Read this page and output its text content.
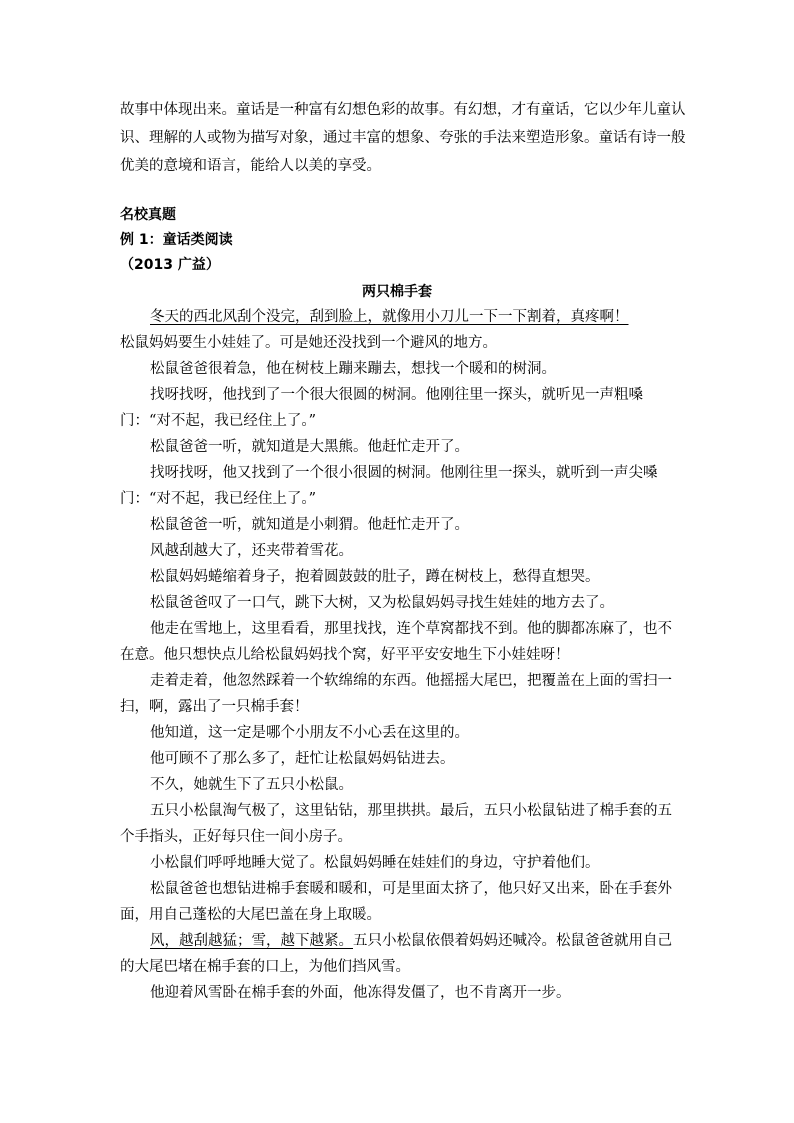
故事中体现出来。童话是一种富有幻想色彩的故事。有幻想，才有童话，它以少年儿童认识、理解的人或物为描写对象，通过丰富的想象、夸张的手法来塑造形象。童话有诗一般优美的意境和语言，能给人以美的享受。

名校真题

例 1：童话类阅读

（2013 广益）

两只棉手套

冬天的西北风刮个没完，刮到脸上，就像用小刀儿一下一下割着，真疼啊！

松鼠妈妈要生小娃娃了。可是她还没找到一个避风的地方。

松鼠爸爸很着急，他在树枝上蹦来蹦去，想找一个暖和的树洞。

找呀找呀，他找到了一个很大很圆的树洞。他刚往里一探头，就听见一声粗嗓门：“对不起，我已经住上了。”

松鼠爸爸一听，就知道是大黑熊。他赶忙走开了。

找呀找呀，他又找到了一个很小很圆的树洞。他刚往里一探头，就听到一声尖嗓门：“对不起，我已经住上了。”

松鼠爸爸一听，就知道是小刺猬。他赶忙走开了。

风越刮越大了，还夹带着雪花。

松鼠妈妈蜷缩着身子，抱着圆鼓鼓的肚子，蹲在树枝上，愁得直想哭。

松鼠爸爸叹了一口气，跳下大树，又为松鼠妈妈寻找生娃娃的地方去了。

他走在雪地上，这里看看，那里找找，连个草窝都找不到。他的脚都冻麻了，也不在意。他只想快点儿给松鼠妈妈找个窝，好平平安安地生下小娃娃呀！

走着走着，他忽然踩着一个软绵绵的东西。他摇摇大尾巴，把覆盖在上面的雪扫一扫，啊，露出了一只棉手套！

他知道，这一定是哪个小朋友不小心丢在这里的。

他可顾不了那么多了，赶忙让松鼠妈妈钻进去。

不久，她就生下了五只小松鼠。

五只小松鼠淘气极了，这里钻钻，那里拱拱。最后，五只小松鼠钻进了棉手套的五个手指头，正好每只住一间小房子。

小松鼠们呼呼地睡大觉了。松鼠妈妈睡在娃娃们的身边，守护着他们。

松鼠爸爸也想钻进棉手套暖和暖和，可是里面太挤了，他只好又出来，卧在手套外面，用自己蓬松的大尾巴盖在身上取暖。

风，越刮越猛；雪，越下越紧。五只小松鼠依偎着妈妈还喊冷。松鼠爸爸就用自己的大尾巴堵在棉手套的口上，为他们挡风雪。

他迎着风雪卧在棉手套的外面，他冻得发僵了，也不肯离开一步。
